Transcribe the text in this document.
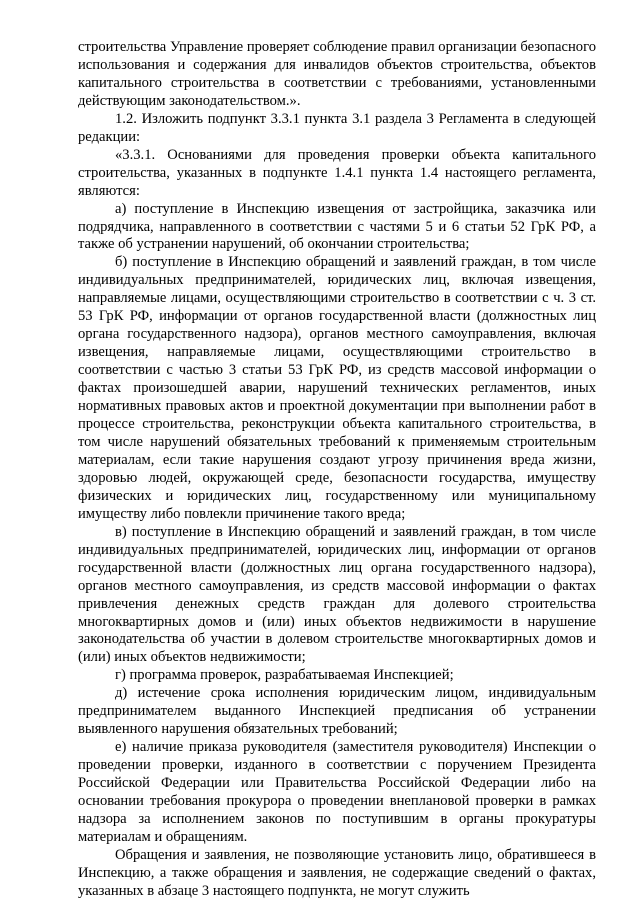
строительства Управление проверяет соблюдение правил организации безопасного использования и содержания для инвалидов объектов строительства, объектов капитального строительства в соответствии с требованиями, установленными действующим законодательством.».

1.2. Изложить подпункт 3.3.1 пункта 3.1 раздела 3 Регламента в следующей редакции:

«3.3.1. Основаниями для проведения проверки объекта капитального строительства, указанных в подпункте 1.4.1 пункта 1.4 настоящего регламента, являются:

а) поступление в Инспекцию извещения от застройщика, заказчика или подрядчика, направленного в соответствии с частями 5 и 6 статьи 52 ГрК РФ, а также об устранении нарушений, об окончании строительства;

б) поступление в Инспекцию обращений и заявлений граждан, в том числе индивидуальных предпринимателей, юридических лиц, включая извещения, направляемые лицами, осуществляющими строительство в соответствии с ч. 3 ст. 53 ГрК РФ, информации от органов государственной власти (должностных лиц органа государственного надзора), органов местного самоуправления, включая извещения, направляемые лицами, осуществляющими строительство в соответствии с частью 3 статьи 53 ГрК РФ, из средств массовой информации о фактах произошедшей аварии, нарушений технических регламентов, иных нормативных правовых актов и проектной документации при выполнении работ в процессе строительства, реконструкции объекта капитального строительства, в том числе нарушений обязательных требований к применяемым строительным материалам, если такие нарушения создают угрозу причинения вреда жизни, здоровью людей, окружающей среде, безопасности государства, имуществу физических и юридических лиц, государственному или муниципальному имуществу либо повлекли причинение такого вреда;

в) поступление в Инспекцию обращений и заявлений граждан, в том числе индивидуальных предпринимателей, юридических лиц, информации от органов государственной власти (должностных лиц органа государственного надзора), органов местного самоуправления, из средств массовой информации о фактах привлечения денежных средств граждан для долевого строительства многоквартирных домов и (или) иных объектов недвижимости в нарушение законодательства об участии в долевом строительстве многоквартирных домов и (или) иных объектов недвижимости;

г) программа проверок, разрабатываемая Инспекцией;

д) истечение срока исполнения юридическим лицом, индивидуальным предпринимателем выданного Инспекцией предписания об устранении выявленного нарушения обязательных требований;

е) наличие приказа руководителя (заместителя руководителя) Инспекции о проведении проверки, изданного в соответствии с поручением Президента Российской Федерации или Правительства Российской Федерации либо на основании требования прокурора о проведении внеплановой проверки в рамках надзора за исполнением законов по поступившим в органы прокуратуры материалам и обращениям.

Обращения и заявления, не позволяющие установить лицо, обратившееся в Инспекцию, а также обращения и заявления, не содержащие сведений о фактах, указанных в абзаце 3 настоящего подпункта, не могут служить
